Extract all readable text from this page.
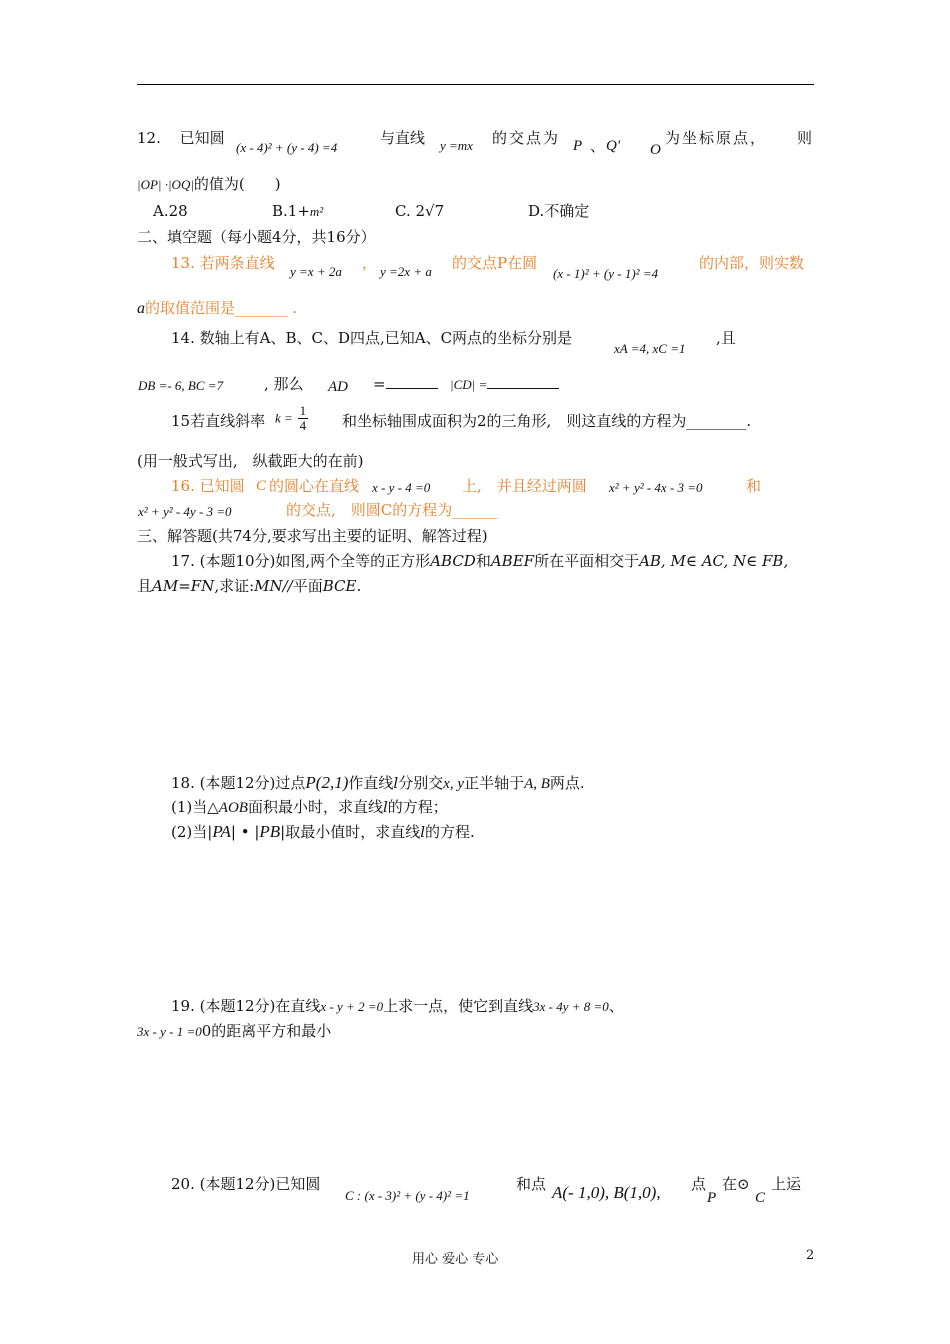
12. 已知圆
(x - 4)² + (y - 4) =4
与直线 y =mx 的交点为 P 、 Q' O
为坐标原点， 则
|OP| ·|OQ|的值为(　　)
A.28	B.1+m²	C. 2√7	D.不确定
二、填空题（每小题4分，共16分）
13. 若两条直线 y =x + 2a ， y =2x + a 的交点P在圆
(x - 1)² + (y - 1)² =4
的内部，则实数
a的取值范围是_______ .
14. 数轴上有A、B、C、D四点,已知A、C两点的坐标分别是
xA =4, xC =1
,且
DB =- 6, BC =7	, 那么 AD =	|CD| =
15若直线斜率 $k = \frac{1}{4}$ 和坐标轴围成面积为2的三角形,　则这直线的方程为________.
(用一般式写出,　纵截距大的在前)
16. 已知圆 C 的圆心在直线 x - y - 4 =0 上,　并且经过两圆 x² + y² - 4x - 3 =0	和
x² + y² - 4y - 3 =0	的交点,　则圆C的方程为______
三、解答题(共74分,要求写出主要的证明、解答过程)
17. (本题10分)如图,两个全等的正方形ABCD和ABEF所在平面相交于AB, M∈ AC, N∈ FB,
且AM=FN,求证:MN//平面BCE.
18. (本题12分)过点P(2,1)作直线l分别交x, y正半轴于A, B两点.
(1)当△AOB面积最小时，求直线l的方程；
(2)当|PA| • |PB|取最小值时，求直线l的方程.
19. (本题12分)在直线x - y + 2 =0上求一点，使它到直线3x - 4y + 8 =0、
3x - y - 1 =00的距离平方和最小
20. (本题12分)已知圆
C : (x - 3)² + (y - 4)² =1
和点 A(- 1,0), B(1,0), 点
P
在⊙
C
上运
用心 爱心 专心	2
